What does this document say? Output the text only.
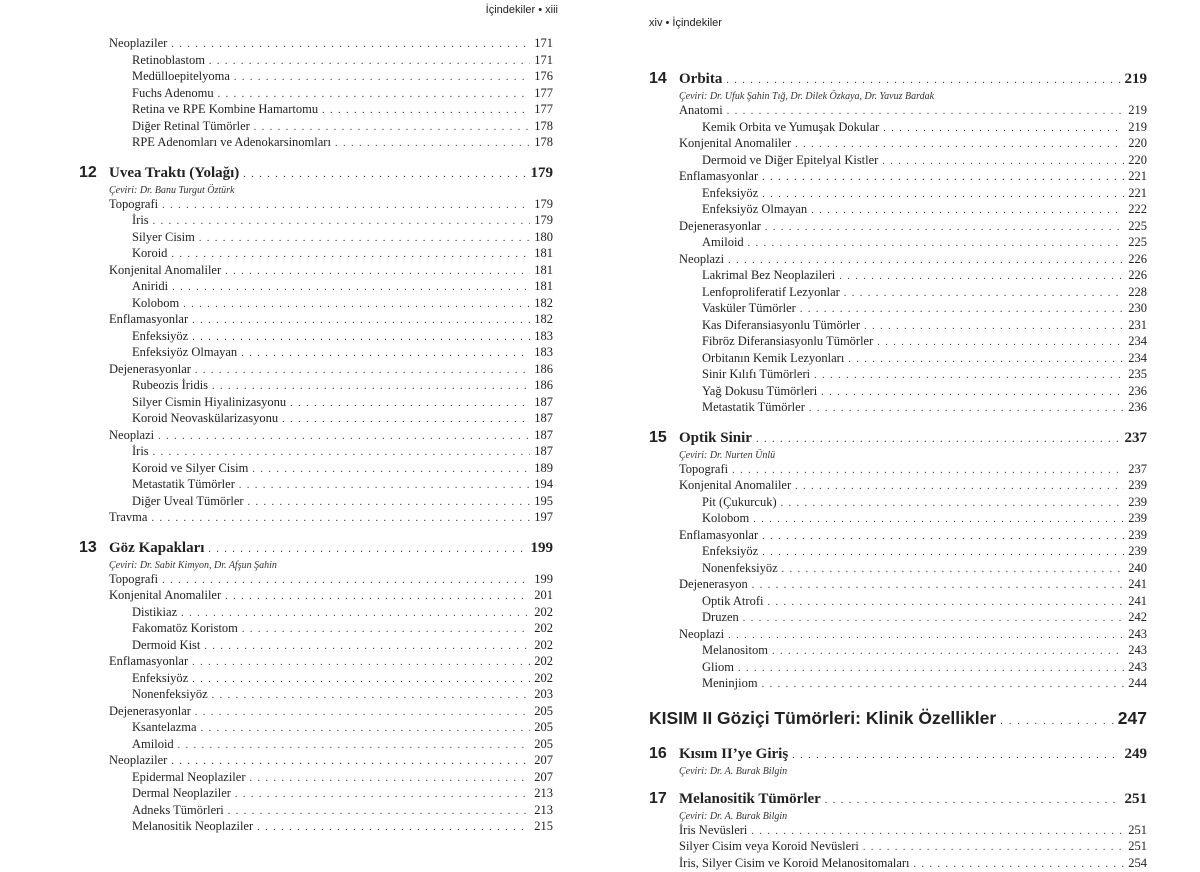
İçindekiler • xiii
xiv • İçindekiler
Neoplaziler . . .	171
Retinoblastom . . .	171
Medülloepitelyoma . . .	176
Fuchs Adenomu . . .	177
Retina ve RPE Kombine Hamartomu . . .	177
Diğer Retinal Tümörler . . .	178
RPE Adenomları ve Adenokarsinomları . . .	178
12 Uvea Traktı (Yolağı) . . .	179
Çeviri: Dr. Banu Turgut Öztürk
Topografi . . .	179
İris . . .	179
Silyer Cisim . . .	180
Koroid . . .	181
Konjenital Anomaliler . . .	181
Aniridi . . .	181
Kolobom . . .	182
Enflamasyonlar . . .	182
Enfeksiyöz . . .	183
Enfeksiyöz Olmayan . . .	183
Dejenerasyonlar . . .	186
Rubeozis İridis . . .	186
Silyer Cismin Hiyalinizasyonu . . .	187
Koroid Neovaskülarizasyonu . . .	187
Neoplazi . . .	187
İris . . .	187
Koroid ve Silyer Cisim . . .	189
Metastatik Tümörler . . .	194
Diğer Uveal Tümörler . . .	195
Travma . . .	197
13 Göz Kapakları . . .	199
Çeviri: Dr. Sabit Kimyon, Dr. Afşun Şahin
Topografi . . .	199
Konjenital Anomaliler . . .	201
Distikiaz . . .	202
Fakomatöz Koristom . . .	202
Dermoid Kist . . .	202
Enflamasyonlar . . .	202
Enfeksiyöz . . .	202
Nonenfeksiyöz . . .	203
Dejenerasyonlar . . .	205
Ksantelazma . . .	205
Amiloid . . .	205
Neoplaziler . . .	207
Epidermal Neoplaziler . . .	207
Dermal Neoplaziler . . .	213
Adneks Tümörleri . . .	213
Melanositik Neoplaziler . . .	215
14 Orbita . . .	219
Çeviri: Dr. Ufuk Şahin Tığ, Dr. Dilek Özkaya, Dr. Yavuz Bardak
Anatomi . . .	219
Kemik Orbita ve Yumuşak Dokular . . .	219
Konjenital Anomaliler . . .	220
Dermoid ve Diğer Epitelyal Kistler . . .	220
Enflamasyonlar . . .	221
Enfeksiyöz . . .	221
Enfeksiyöz Olmayan . . .	222
Dejenerasyonlar . . .	225
Amiloid . . .	225
Neoplazi . . .	226
Lakrimal Bez Neoplazileri . . .	226
Lenfoproliferatif Lezyonlar . . .	228
Vasküler Tümörler . . .	230
Kas Diferansiasyonlu Tümörler . . .	231
Fibröz Diferansiasyonlu Tümörler . . .	234
Orbitanın Kemik Lezyonları . . .	234
Sinir Kılıfı Tümörleri . . .	235
Yağ Dokusu Tümörleri . . .	236
Metastatik Tümörler . . .	236
15 Optik Sinir . . .	237
Çeviri: Dr. Nurten Ünlü
Topografi . . .	237
Konjenital Anomaliler . . .	239
Pit (Çukurcuk) . . .	239
Kolobom . . .	239
Enflamasyonlar . . .	239
Enfeksiyöz . . .	239
Nonenfeksiyöz . . .	240
Dejenerasyon . . .	241
Optik Atrofi . . .	241
Druzen . . .	242
Neoplazi . . .	243
Melanositom . . .	243
Gliom . . .	243
Meninjiom . . .	244
KISIM II Göziçi Tümörleri: Klinik Özellikler . . .	247
16 Kısım II’ye Giriş . . .	249
Çeviri: Dr. A. Burak Bilgin
17 Melanositik Tümörler . . .	251
Çeviri: Dr. A. Burak Bilgin
İris Nevüsleri . . .	251
Silyer Cisim veya Koroid Nevüsleri . . .	251
İris, Silyer Cisim ve Koroid Melanositomaları . . .	254
